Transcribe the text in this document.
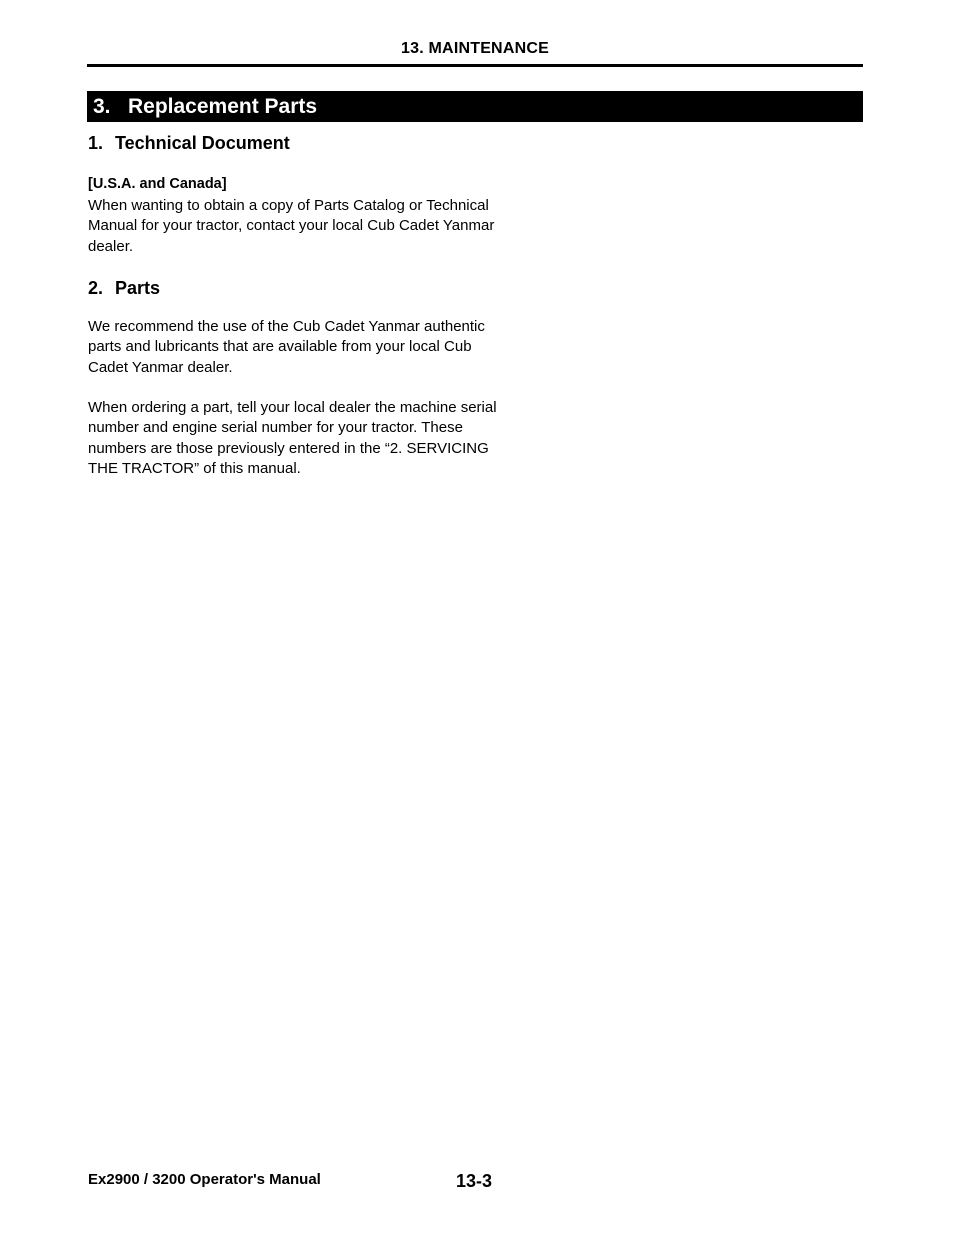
13. MAINTENANCE
3. Replacement Parts
1. Technical Document
[U.S.A. and Canada]
When wanting to obtain a copy of Parts Catalog or Technical Manual for your tractor, contact your local Cub Cadet Yanmar dealer.
2. Parts
We recommend the use of the Cub Cadet Yanmar authentic parts and lubricants that are available from your local Cub Cadet Yanmar dealer.
When ordering a part, tell your local dealer the machine serial number and engine serial number for your tractor. These numbers are those previously entered in the “2. SERVICING THE TRACTOR” of this manual.
Ex2900 / 3200 Operator's Manual	13-3
